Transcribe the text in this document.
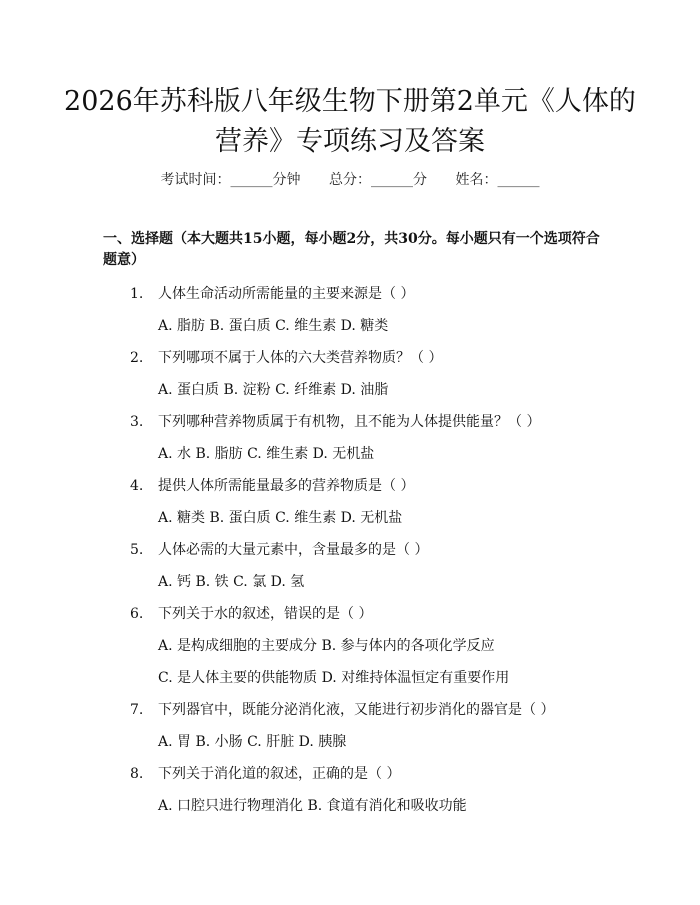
2026年苏科版八年级生物下册第2单元《人体的营养》专项练习及答案
考试时间：______分钟 总分：______分 姓名：______
一、选择题（本大题共15小题，每小题2分，共30分。每小题只有一个选项符合题意）
1. 人体生命活动所需能量的主要来源是（ ）
A. 脂肪 B. 蛋白质 C. 维生素 D. 糖类
2. 下列哪项不属于人体的六大类营养物质？（ ）
A. 蛋白质 B. 淀粉 C. 纤维素 D. 油脂
3. 下列哪种营养物质属于有机物，且不能为人体提供能量？（ ）
A. 水 B. 脂肪 C. 维生素 D. 无机盐
4. 提供人体所需能量最多的营养物质是（ ）
A. 糖类 B. 蛋白质 C. 维生素 D. 无机盐
5. 人体必需的大量元素中，含量最多的是（ ）
A. 钙 B. 铁 C. 氯 D. 氢
6. 下列关于水的叙述，错误的是（ ）
A. 是构成细胞的主要成分 B. 参与体内的各项化学反应
C. 是人体主要的供能物质 D. 对维持体温恒定有重要作用
7. 下列器官中，既能分泌消化液，又能进行初步消化的器官是（ ）
A. 胃 B. 小肠 C. 肝脏 D. 胰腺
8. 下列关于消化道的叙述，正确的是（ ）
A. 口腔只进行物理消化 B. 食道有消化和吸收功能
